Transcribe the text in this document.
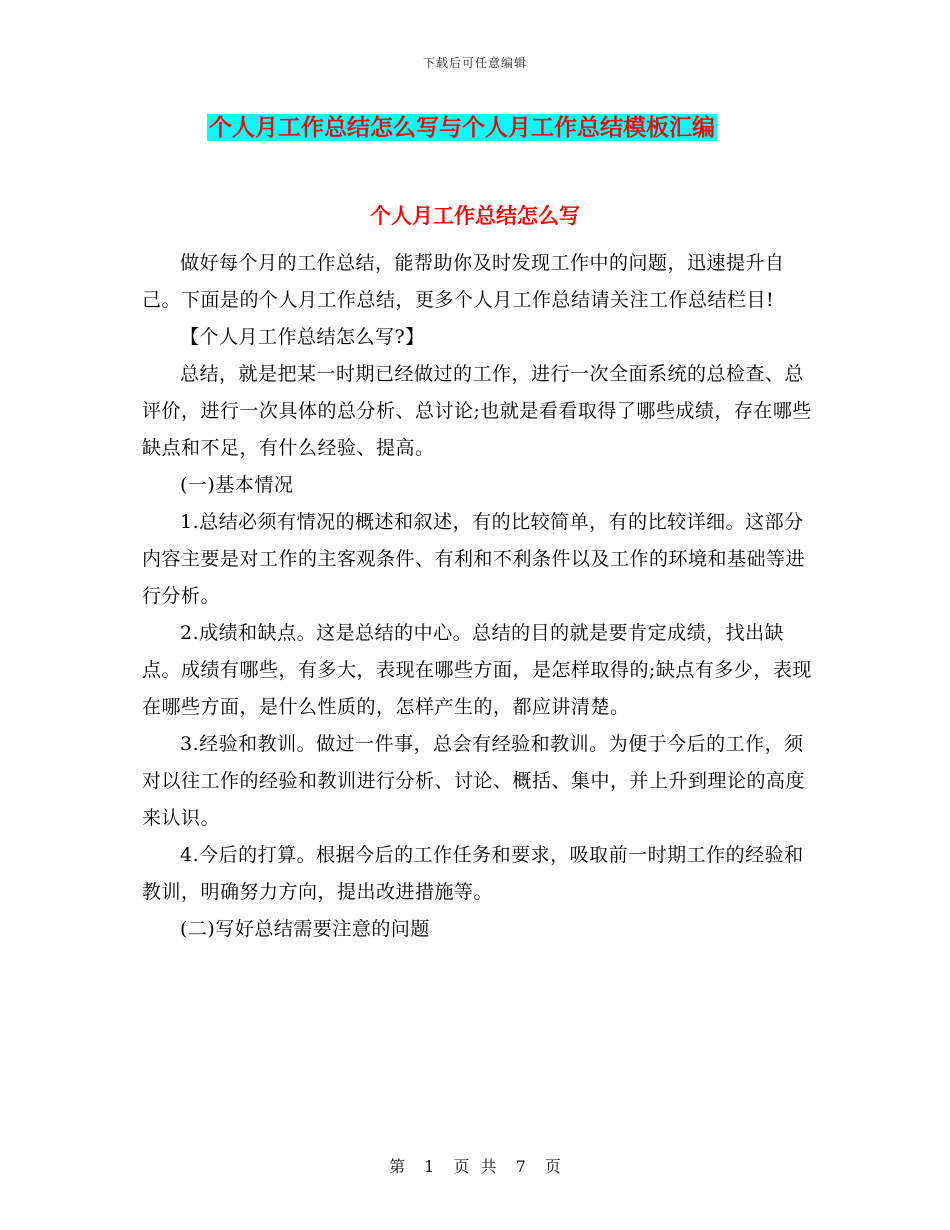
下载后可任意编辑
个人月工作总结怎么写与个人月工作总结模板汇编
个人月工作总结怎么写

做好每个月的工作总结，能帮助你及时发现工作中的问题，迅速提升自己。下面是的个人月工作总结，更多个人月工作总结请关注工作总结栏目!

【个人月工作总结怎么写?】

总结，就是把某一时期已经做过的工作，进行一次全面系统的总检查、总评价，进行一次具体的总分析、总讨论;也就是看看取得了哪些成绩，存在哪些缺点和不足，有什么经验、提高。

(一)基本情况

1.总结必须有情况的概述和叙述，有的比较简单，有的比较详细。这部分内容主要是对工作的主客观条件、有利和不利条件以及工作的环境和基础等进行分析。

2.成绩和缺点。这是总结的中心。总结的目的就是要肯定成绩，找出缺点。成绩有哪些，有多大，表现在哪些方面，是怎样取得的;缺点有多少，表现在哪些方面，是什么性质的，怎样产生的，都应讲清楚。

3.经验和教训。做过一件事，总会有经验和教训。为便于今后的工作，须对以往工作的经验和教训进行分析、讨论、概括、集中，并上升到理论的高度来认识。

4.今后的打算。根据今后的工作任务和要求，吸取前一时期工作的经验和教训，明确努力方向，提出改进措施等。

(二)写好总结需要注意的问题

第 1 页 共 7 页
